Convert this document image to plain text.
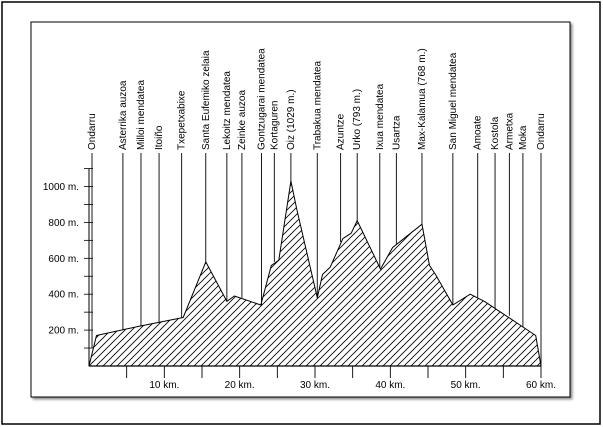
200 m.
400 m.
600 m.
800 m.
1000 m.
10 km.	20 km.	30 km.	40 km.	50 km.	60 km.
Ondarru Asterrika auzoa Milloi mendatea Itoiño Txepetxabixe Santa Eufemiko zelaia Lekoitz mendatea Zeinke auzoa Gontzugarai mendatea Kortaguren Oiz (1029 m.) Trabakua mendatea Azuntze Urko (793 m.) Ixua mendatea Usartza Max-Kalamua (768 m.) San Miguel mendatea Amoate Kostola Armetxa Moka Ondarru
